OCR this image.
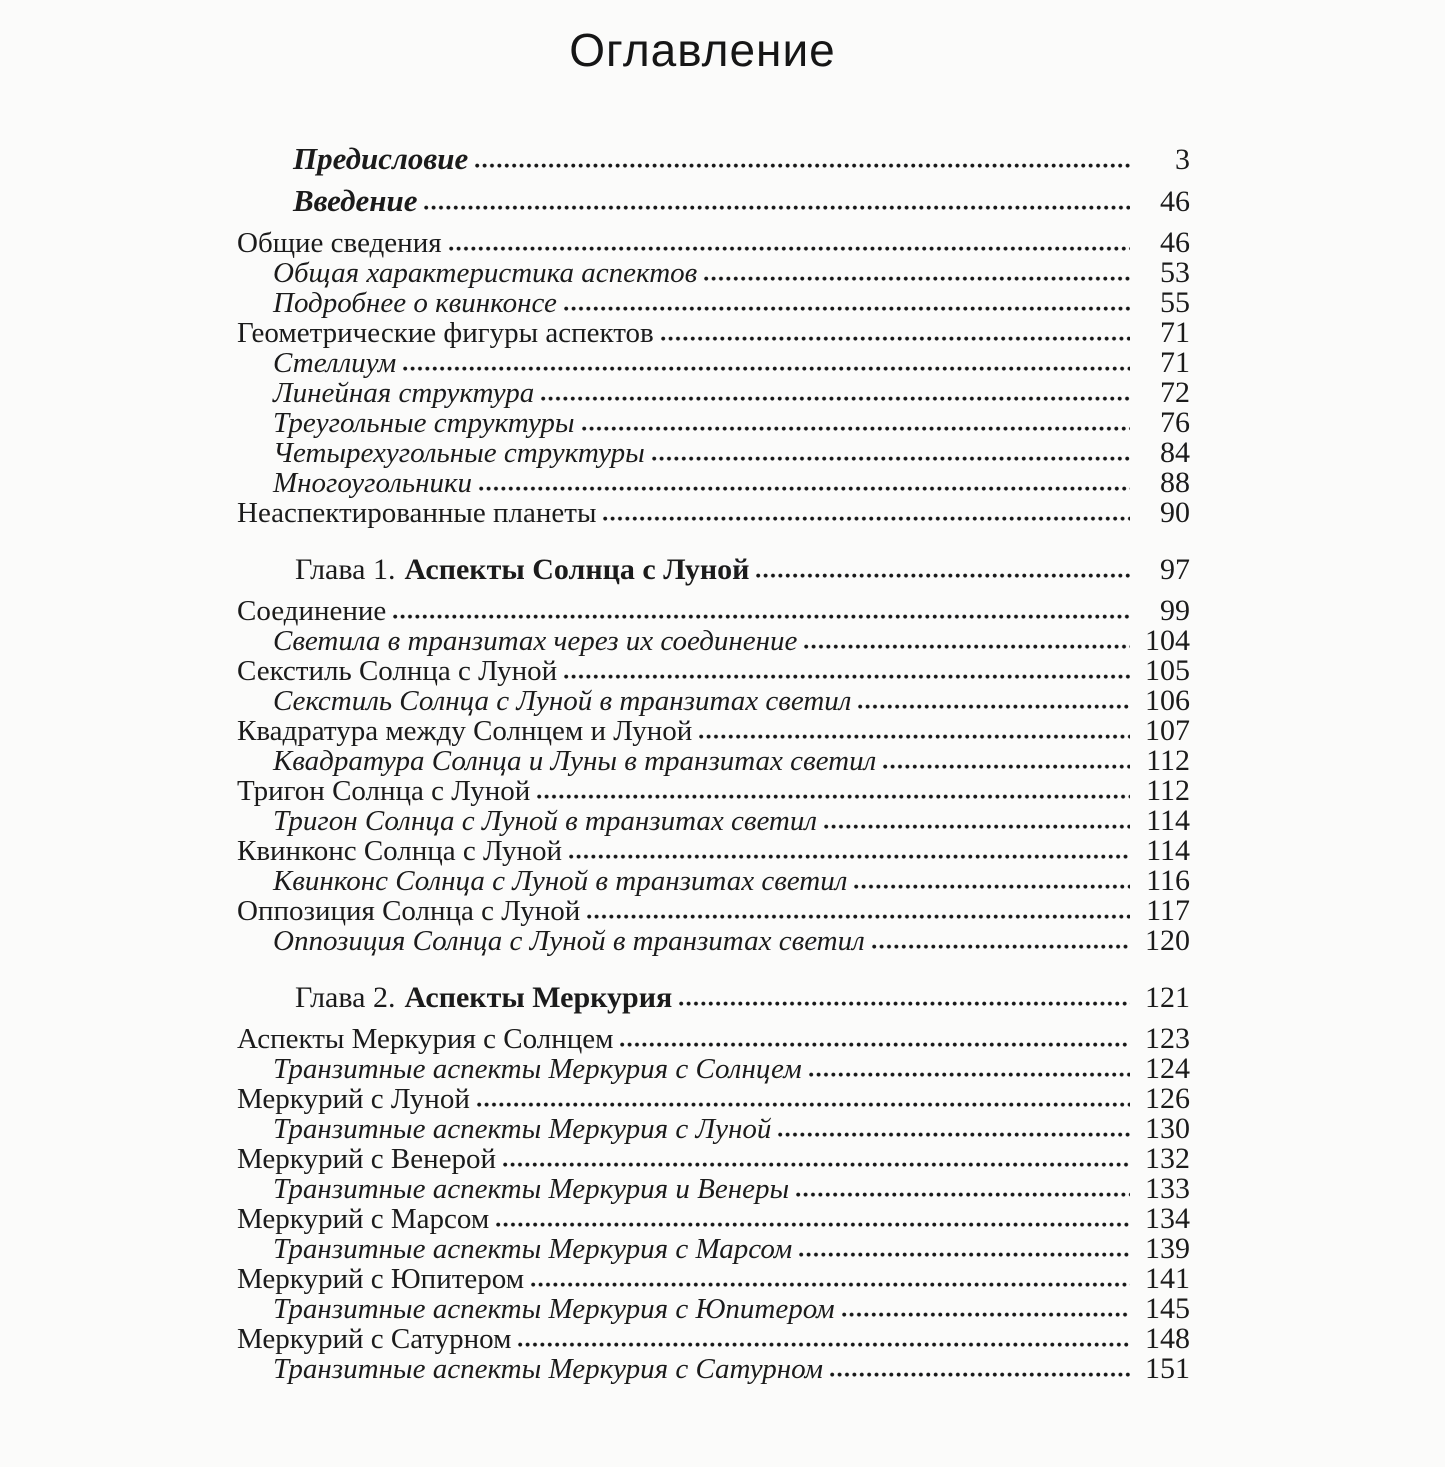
Оглавление
Предисловие	3
Введение	46
Общие сведения	46
Общая характеристика аспектов	53
Подробнее о квинконсе	55
Геометрические фигуры аспектов	71
Стеллиум	71
Линейная структура	72
Треугольные структуры	76
Четырехугольные структуры	84
Многоугольники	88
Неаспектированные планеты	90
Глава 1. Аспекты Солнца с Луной	97
Соединение	99
Светила в транзитах через их соединение	104
Секстиль Солнца с Луной	105
Секстиль Солнца с Луной в транзитах светил	106
Квадратура между Солнцем и Луной	107
Квадратура Солнца и Луны в транзитах светил	112
Тригон Солнца с Луной	112
Тригон Солнца с Луной в транзитах светил	114
Квинконс Солнца с Луной	114
Квинконс Солнца с Луной в транзитах светил	116
Оппозиция Солнца с Луной	117
Оппозиция Солнца с Луной в транзитах светил	120
Глава 2. Аспекты Меркурия	121
Аспекты Меркурия с Солнцем	123
Транзитные аспекты Меркурия с Солнцем	124
Меркурий с Луной	126
Транзитные аспекты Меркурия с Луной	130
Меркурий с Венерой	132
Транзитные аспекты Меркурия и Венеры	133
Меркурий с Марсом	134
Транзитные аспекты Меркурия с Марсом	139
Меркурий с Юпитером	141
Транзитные аспекты Меркурия с Юпитером	145
Меркурий с Сатурном	148
Транзитные аспекты Меркурия с Сатурном	151
